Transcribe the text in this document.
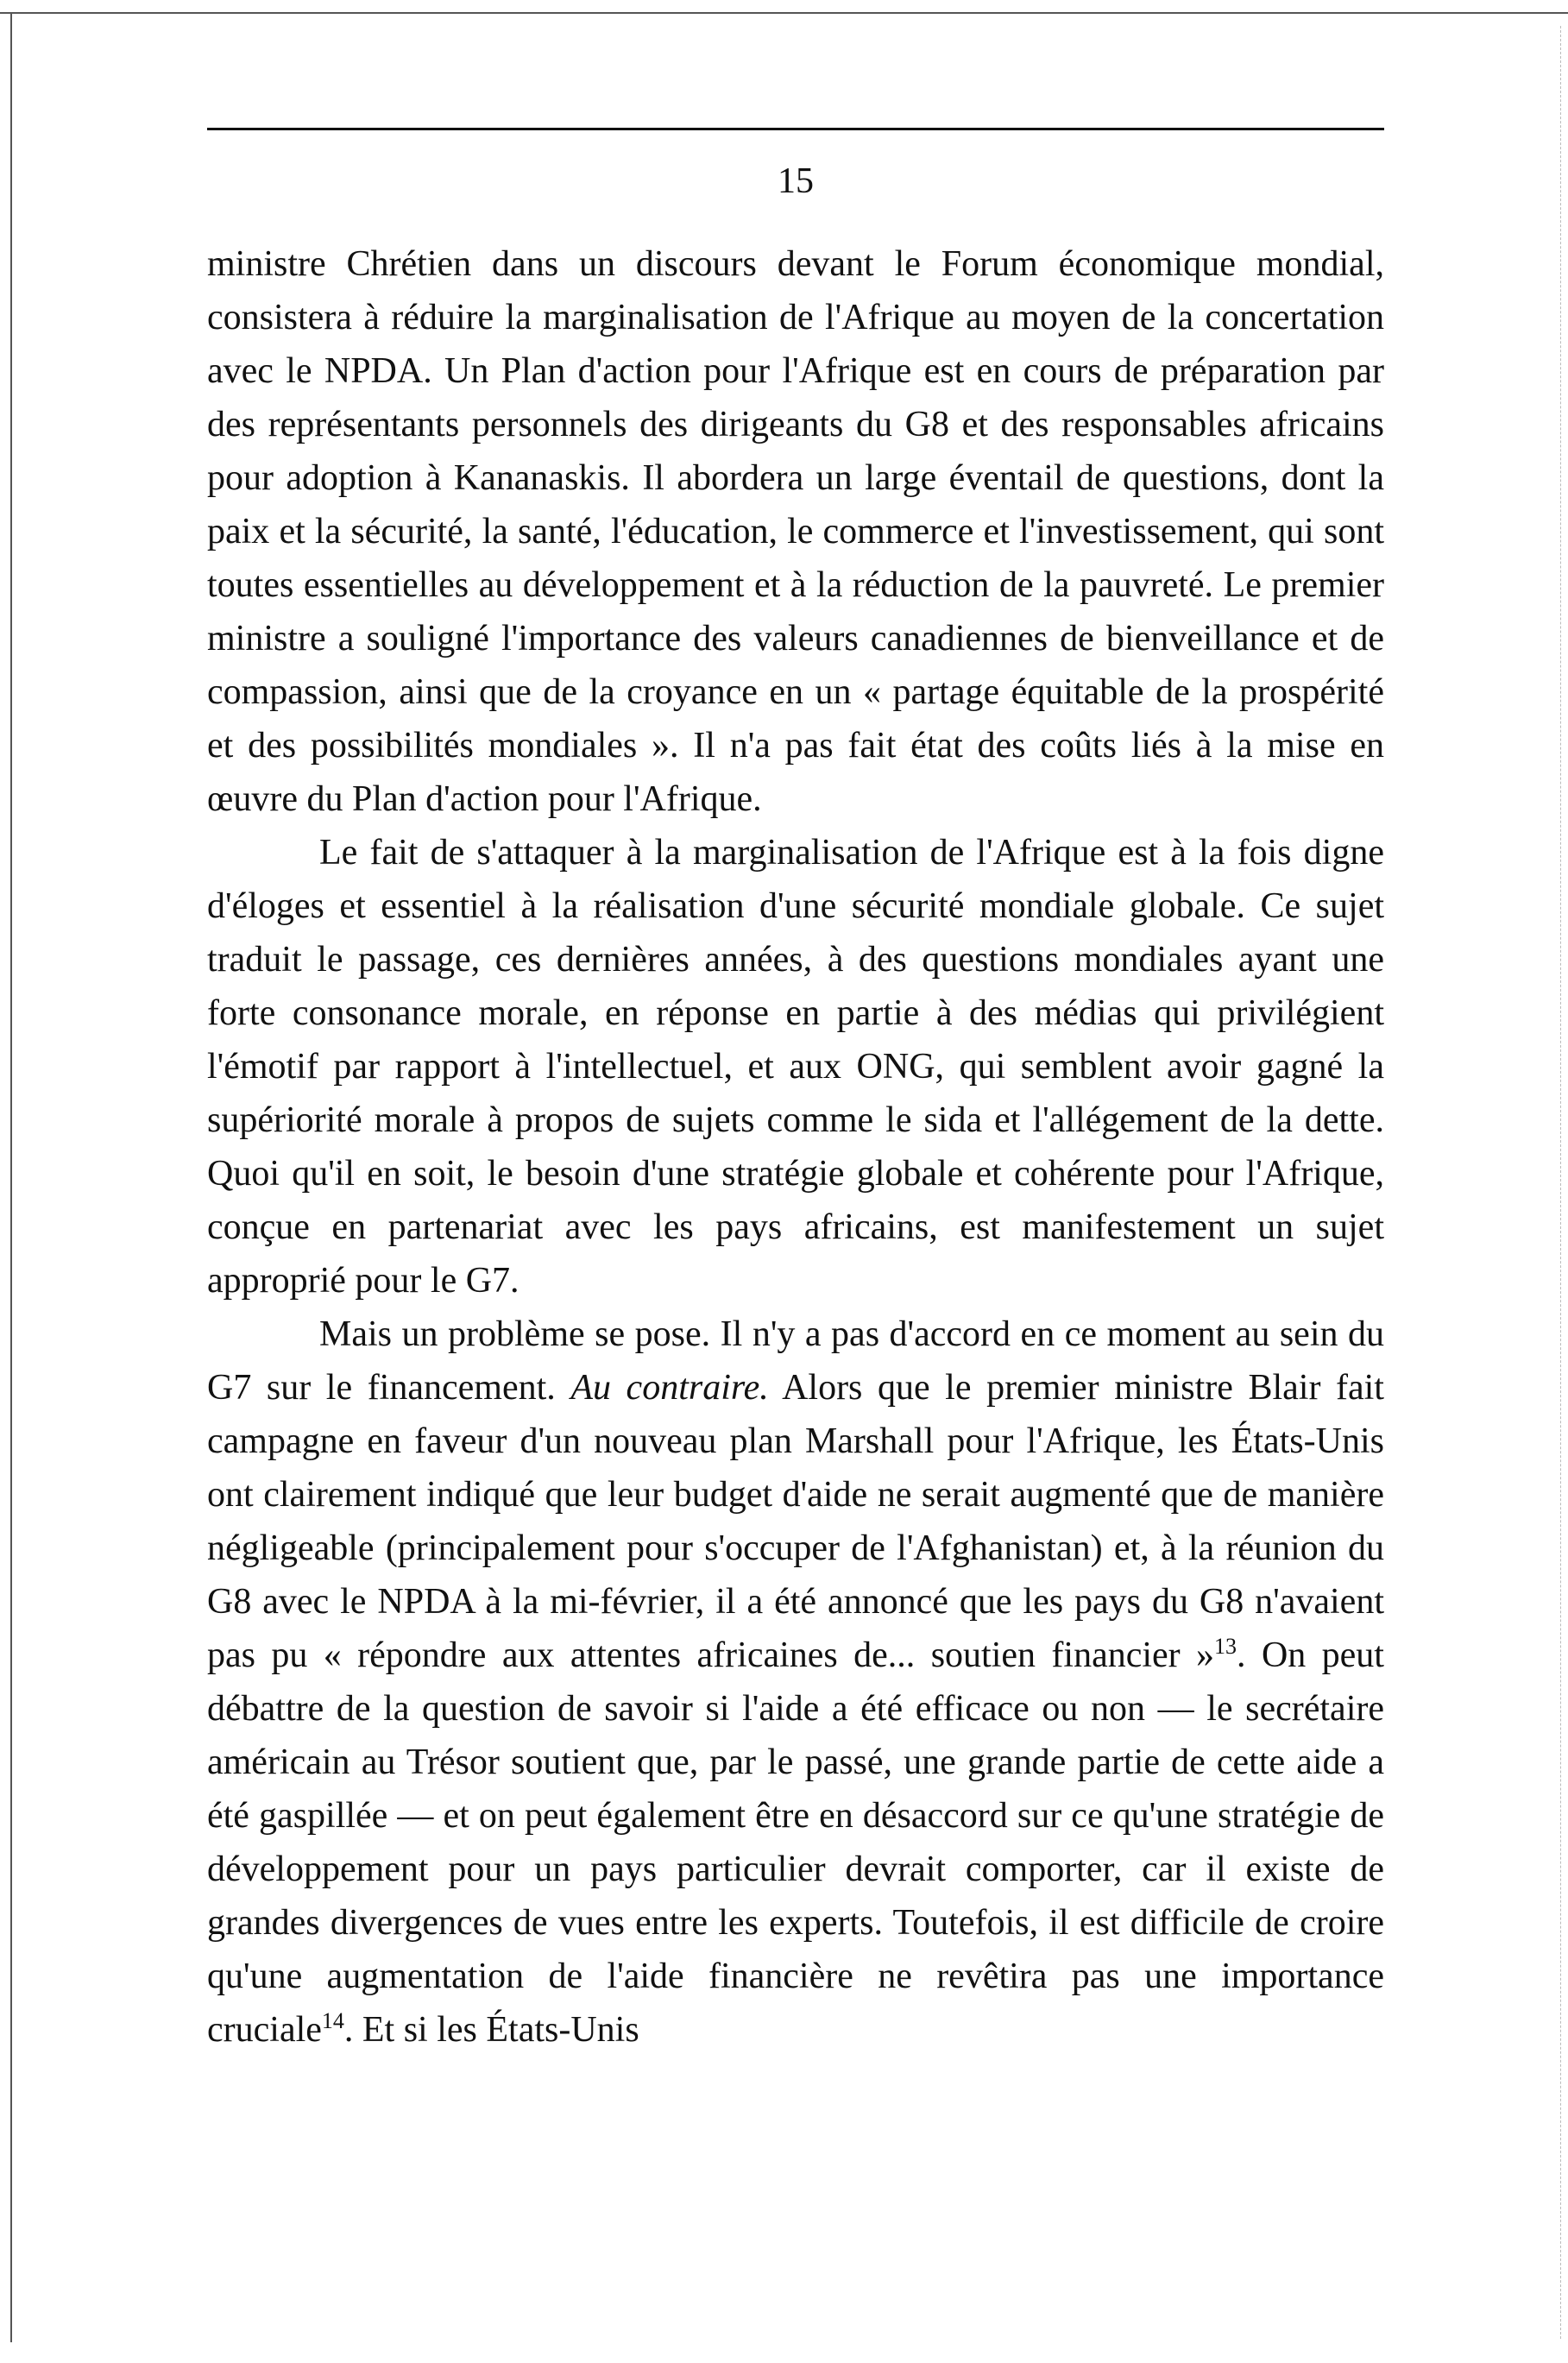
15

ministre Chrétien dans un discours devant le Forum économique mondial, consistera à réduire la marginalisation de l'Afrique au moyen de la concertation avec le NPDA. Un Plan d'action pour l'Afrique est en cours de préparation par des représentants personnels des dirigeants du G8 et des responsables africains pour adoption à Kananaskis. Il abordera un large éventail de questions, dont la paix et la sécurité, la santé, l'éducation, le commerce et l'investissement, qui sont toutes essentielles au développement et à la réduction de la pauvreté. Le premier ministre a souligné l'importance des valeurs canadiennes de bienveillance et de compassion, ainsi que de la croyance en un « partage équitable de la prospérité et des possibilités mondiales ». Il n'a pas fait état des coûts liés à la mise en œuvre du Plan d'action pour l'Afrique.

Le fait de s'attaquer à la marginalisation de l'Afrique est à la fois digne d'éloges et essentiel à la réalisation d'une sécurité mondiale globale. Ce sujet traduit le passage, ces dernières années, à des questions mondiales ayant une forte consonance morale, en réponse en partie à des médias qui privilégient l'émotif par rapport à l'intellectuel, et aux ONG, qui semblent avoir gagné la supériorité morale à propos de sujets comme le sida et l'allégement de la dette. Quoi qu'il en soit, le besoin d'une stratégie globale et cohérente pour l'Afrique, conçue en partenariat avec les pays africains, est manifestement un sujet approprié pour le G7.

Mais un problème se pose. Il n'y a pas d'accord en ce moment au sein du G7 sur le financement. Au contraire. Alors que le premier ministre Blair fait campagne en faveur d'un nouveau plan Marshall pour l'Afrique, les États-Unis ont clairement indiqué que leur budget d'aide ne serait augmenté que de manière négligeable (principalement pour s'occuper de l'Afghanistan) et, à la réunion du G8 avec le NPDA à la mi-février, il a été annoncé que les pays du G8 n'avaient pas pu « répondre aux attentes africaines de... soutien financier »$^{13}$. On peut débattre de la question de savoir si l'aide a été efficace ou non — le secrétaire américain au Trésor soutient que, par le passé, une grande partie de cette aide a été gaspillée — et on peut également être en désaccord sur ce qu'une stratégie de développement pour un pays particulier devrait comporter, car il existe de grandes divergences de vues entre les experts. Toutefois, il est difficile de croire qu'une augmentation de l'aide financière ne revêtira pas une importance cruciale$^{14}$. Et si les États-Unis
